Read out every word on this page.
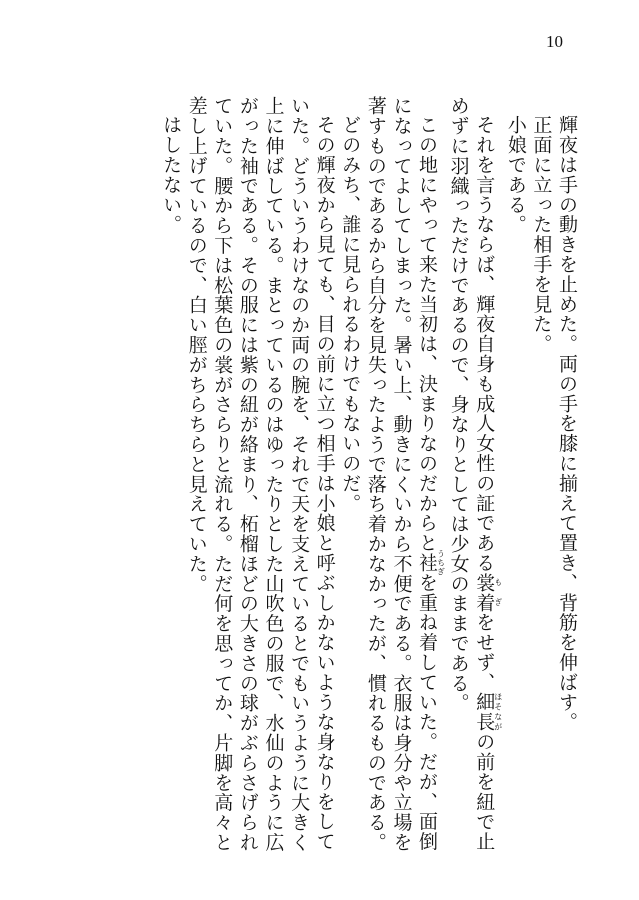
10

輝夜は手の動きを止めた。両の手を膝に揃えて置き、背筋を伸ばす。

正面に立った相手を見た。

小娘である。

それを言うならば、輝夜自身も成人女性の証である裳着もぎをせず、細長ほそながの前を紐で止めずに羽織っただけであるので、身なりとしては少女のままである。

この地にやって来た当初は、決まりなのだからと袿うちぎを重ね着していた。だが、面倒になってよしてしまった。暑い上、動きにくいから不便である。衣服は身分や立場を著すものであるから自分を見失ったようで落ち着かなかったが、慣れるものである。

どのみち、誰に見られるわけでもないのだ。

その輝夜から見ても、目の前に立つ相手は小娘と呼ぶしかないような身なりをしていた。どういうわけなのか両の腕を、それで天を支えているとでもいうように大きく上に伸ばしている。まとっているのはゆったりとした山吹色の服で、水仙のように広がった袖である。その服には紫の紐が絡まり、柘榴ほどの大きさの球がぶらさげられていた。腰から下は松葉色の裳がさらりと流れる。ただ何を思ってか、片脚を高々と差し上げているので、白い脛がちらちらと見えていた。

はしたない。
